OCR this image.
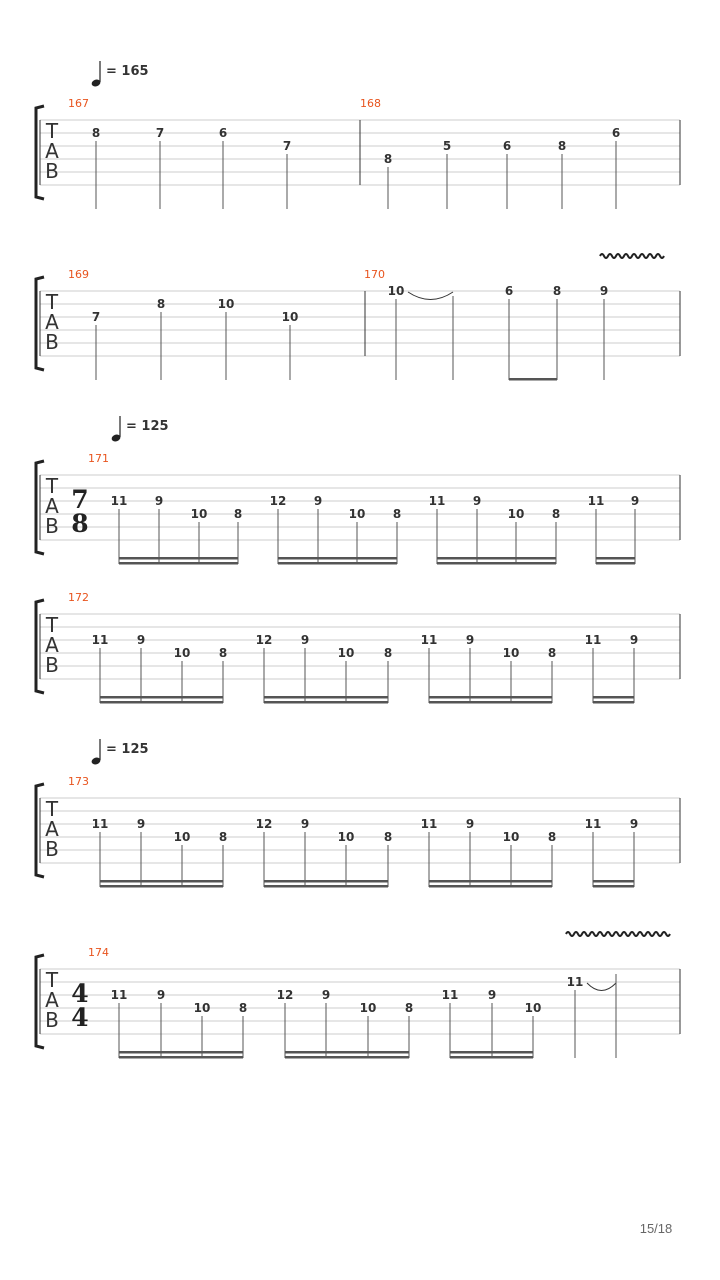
T
A
B
= 165
167
8	7	6
7
168
8
5	6	8
6
T
A
B
169
7
8	10
10
170
10	6	8	9
T
A
B
7
8
= 125
171
11 9
10 8
12 9
10 8
11 9
10 8
11 9
T
A
B
172
11 9
10 8
12 9
10 8
11 9
10 8
11 9
T
A
B
= 125
173
11 9
10 8
12 9
10 8
11 9
10 8
11 9
T
A
B
4
4
174
11 9
10 8
12 9
10 8
11 9
10
11
15/18
